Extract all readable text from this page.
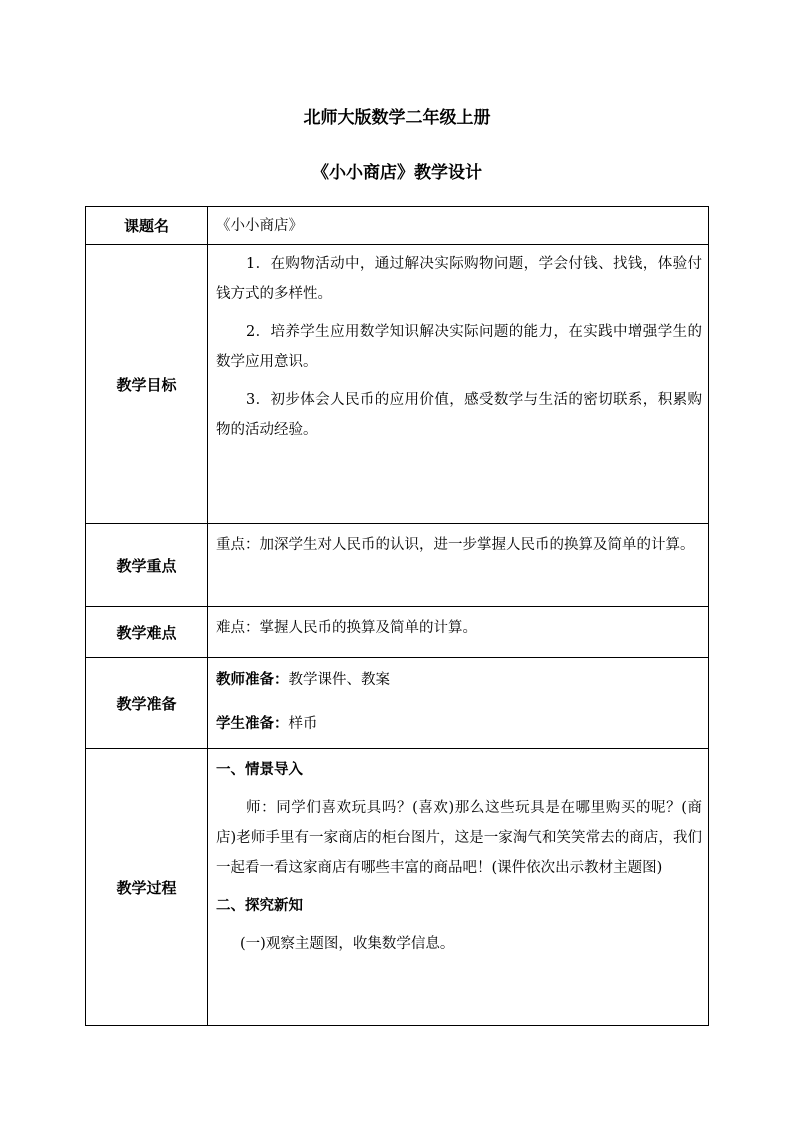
北师大版数学二年级上册
《小小商店》教学设计
课题名	《小小商店》
教学目标	1．在购物活动中，通过解决实际购物问题，学会付钱、找钱，体验付钱方式的多样性。

2．培养学生应用数学知识解决实际问题的能力，在实践中增强学生的数学应用意识。

3．初步体会人民币的应用价值，感受数学与生活的密切联系，积累购物的活动经验。

教学重点	重点：加深学生对人民币的认识，进一步掌握人民币的换算及简单的计算。

教学难点	难点：掌握人民币的换算及简单的计算。

教学准备	教师准备：教学课件、教案
学生准备：样币

教学过程	一、情景导入

师：同学们喜欢玩具吗？(喜欢)那么这些玩具是在哪里购买的呢？(商店)老师手里有一家商店的柜台图片，这是一家淘气和笑笑常去的商店，我们一起看一看这家商店有哪些丰富的商品吧！(课件依次出示教材主题图)

二、探究新知

(一)观察主题图，收集数学信息。
